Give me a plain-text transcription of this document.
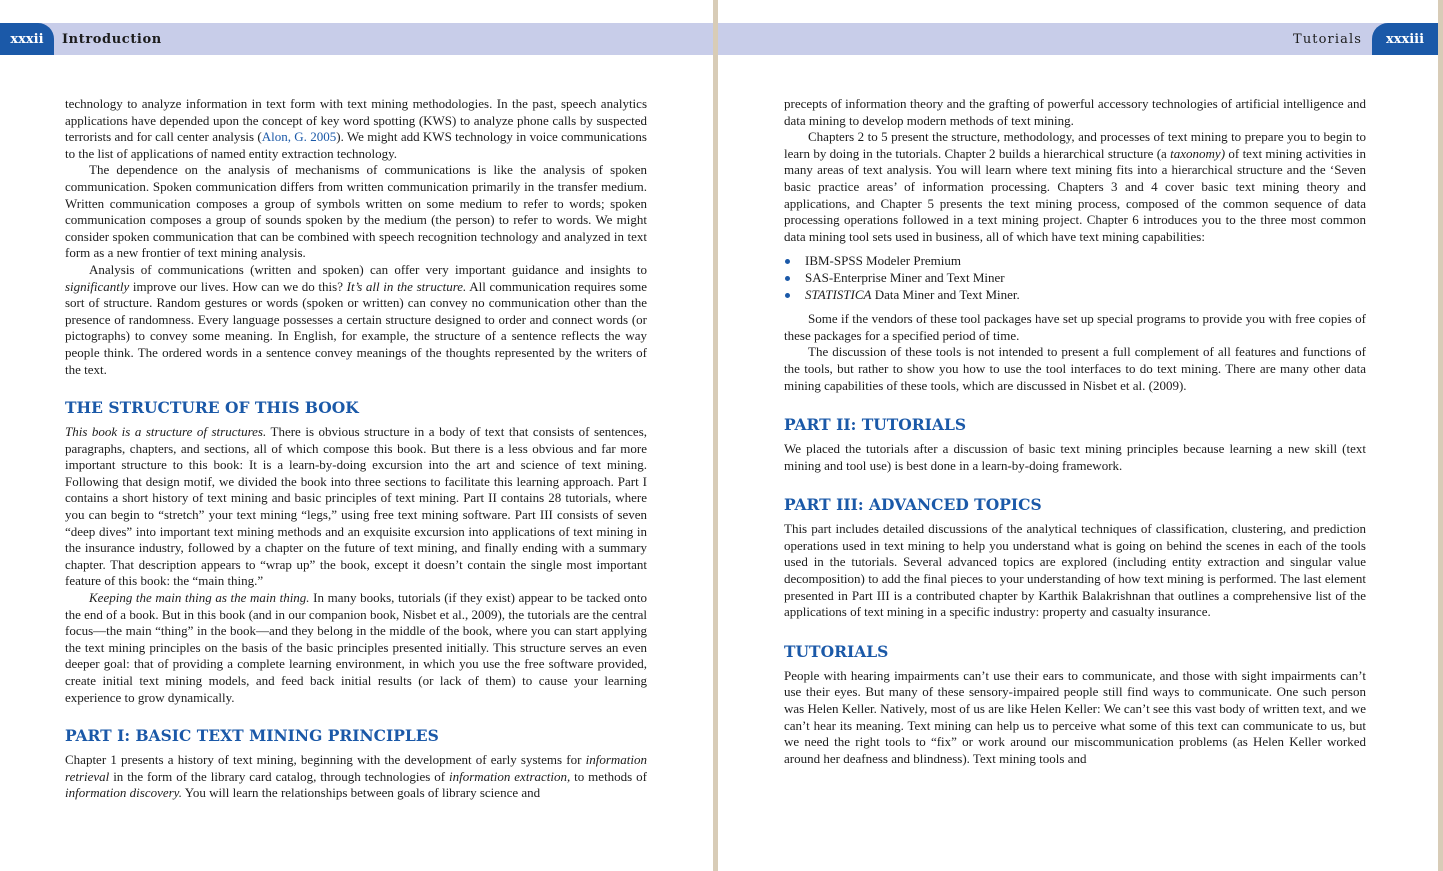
xxxii	Introduction	Tutorials	xxxiii

technology to analyze information in text form with text mining methodologies. In the past, speech analytics applications have depended upon the concept of key word spotting (KWS) to analyze phone calls by suspected terrorists and for call center analysis (Alon, G. 2005). We might add KWS technology in voice communications to the list of applications of named entity extraction technology.

The dependence on the analysis of mechanisms of communications is like the analysis of spoken communication. Spoken communication differs from written communication primarily in the transfer medium. Written communication composes a group of symbols written on some medium to refer to words; spoken communication composes a group of sounds spoken by the medium (the person) to refer to words. We might consider spoken communication that can be combined with speech recognition technology and analyzed in text form as a new frontier of text mining analysis.

Analysis of communications (written and spoken) can offer very important guidance and insights to significantly improve our lives. How can we do this? It’s all in the structure. All communication requires some sort of structure. Random gestures or words (spoken or written) can convey no communication other than the presence of randomness. Every language possesses a certain structure designed to order and connect words (or pictographs) to convey some meaning. In English, for example, the structure of a sentence reflects the way people think. The ordered words in a sentence convey meanings of the thoughts represented by the writers of the text.

THE STRUCTURE OF THIS BOOK

This book is a structure of structures. There is obvious structure in a body of text that consists of sentences, paragraphs, chapters, and sections, all of which compose this book. But there is a less obvious and far more important structure to this book: It is a learn-by-doing excursion into the art and science of text mining. Following that design motif, we divided the book into three sections to facilitate this learning approach. Part I contains a short history of text mining and basic principles of text mining. Part II contains 28 tutorials, where you can begin to “stretch” your text mining “legs,” using free text mining software. Part III consists of seven “deep dives” into important text mining methods and an exquisite excursion into applications of text mining in the insurance industry, followed by a chapter on the future of text mining, and finally ending with a summary chapter. That description appears to “wrap up” the book, except it doesn’t contain the single most important feature of this book: the “main thing.”

Keeping the main thing as the main thing. In many books, tutorials (if they exist) appear to be tacked onto the end of a book. But in this book (and in our companion book, Nisbet et al., 2009), the tutorials are the central focus—the main “thing” in the book—and they belong in the middle of the book, where you can start applying the text mining principles on the basis of the basic principles presented initially. This structure serves an even deeper goal: that of providing a complete learning environment, in which you use the free software provided, create initial text mining models, and feed back initial results (or lack of them) to cause your learning experience to grow dynamically.

PART I: BASIC TEXT MINING PRINCIPLES

Chapter 1 presents a history of text mining, beginning with the development of early systems for information retrieval in the form of the library card catalog, through technologies of information extraction, to methods of information discovery. You will learn the relationships between goals of library science and

precepts of information theory and the grafting of powerful accessory technologies of artificial intelligence and data mining to develop modern methods of text mining.

Chapters 2 to 5 present the structure, methodology, and processes of text mining to prepare you to begin to learn by doing in the tutorials. Chapter 2 builds a hierarchical structure (a taxonomy) of text mining activities in many areas of text analysis. You will learn where text mining fits into a hierarchical structure and the ‘Seven basic practice areas’ of information processing. Chapters 3 and 4 cover basic text mining theory and applications, and Chapter 5 presents the text mining process, composed of the common sequence of data processing operations followed in a text mining project. Chapter 6 introduces you to the three most common data mining tool sets used in business, all of which have text mining capabilities:

IBM-SPSS Modeler Premium
SAS-Enterprise Miner and Text Miner
STATISTICA Data Miner and Text Miner.

Some if the vendors of these tool packages have set up special programs to provide you with free copies of these packages for a specified period of time.

The discussion of these tools is not intended to present a full complement of all features and functions of the tools, but rather to show you how to use the tool interfaces to do text mining. There are many other data mining capabilities of these tools, which are discussed in Nisbet et al. (2009).

PART II: TUTORIALS

We placed the tutorials after a discussion of basic text mining principles because learning a new skill (text mining and tool use) is best done in a learn-by-doing framework.

PART III: ADVANCED TOPICS

This part includes detailed discussions of the analytical techniques of classification, clustering, and prediction operations used in text mining to help you understand what is going on behind the scenes in each of the tools used in the tutorials. Several advanced topics are explored (including entity extraction and singular value decomposition) to add the final pieces to your understanding of how text mining is performed. The last element presented in Part III is a contributed chapter by Karthik Balakrishnan that outlines a comprehensive list of the applications of text mining in a specific industry: property and casualty insurance.

TUTORIALS

People with hearing impairments can’t use their ears to communicate, and those with sight impairments can’t use their eyes. But many of these sensory-impaired people still find ways to communicate. One such person was Helen Keller. Natively, most of us are like Helen Keller: We can’t see this vast body of written text, and we can’t hear its meaning. Text mining can help us to perceive what some of this text can communicate to us, but we need the right tools to “fix” or work around our miscommunication problems (as Helen Keller worked around her deafness and blindness). Text mining tools and
